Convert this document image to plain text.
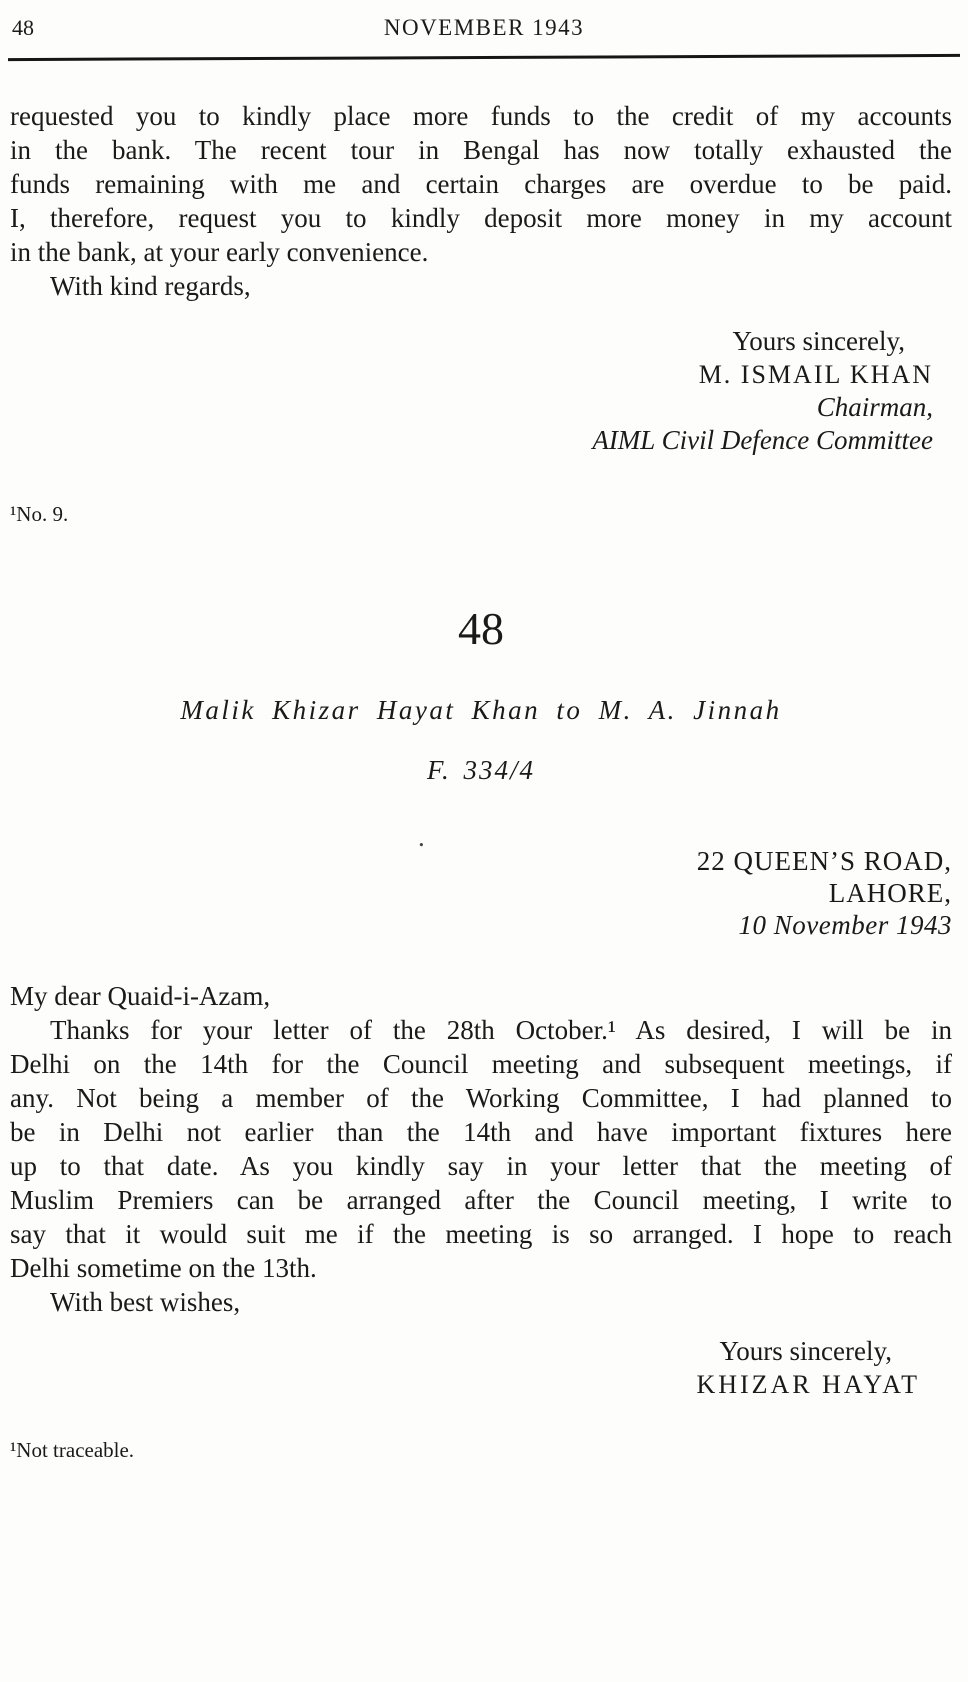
48	NOVEMBER 1943

requested you to kindly place more funds to the credit of my accounts

in the bank. The recent tour in Bengal has now totally exhausted the

funds remaining with me and certain charges are overdue to be paid.

I, therefore, request you to kindly deposit more money in my account

in the bank, at your early convenience.

With kind regards,

Yours sincerely,

M. ISMAIL KHAN

Chairman,

AIML Civil Defence Committee

¹No. 9.

48

Malik Khizar Hayat Khan to M. A. Jinnah

F. 334/4

22 QUEEN’S ROAD,

LAHORE,

10 November 1943

My dear Quaid-i-Azam,

Thanks for your letter of the 28th October.¹ As desired, I will be in

Delhi on the 14th for the Council meeting and subsequent meetings, if

any. Not being a member of the Working Committee, I had planned to

be in Delhi not earlier than the 14th and have important fixtures here

up to that date. As you kindly say in your letter that the meeting of

Muslim Premiers can be arranged after the Council meeting, I write to

say that it would suit me if the meeting is so arranged. I hope to reach

Delhi sometime on the 13th.

With best wishes,

Yours sincerely,

KHIZAR HAYAT

¹Not traceable.

.
